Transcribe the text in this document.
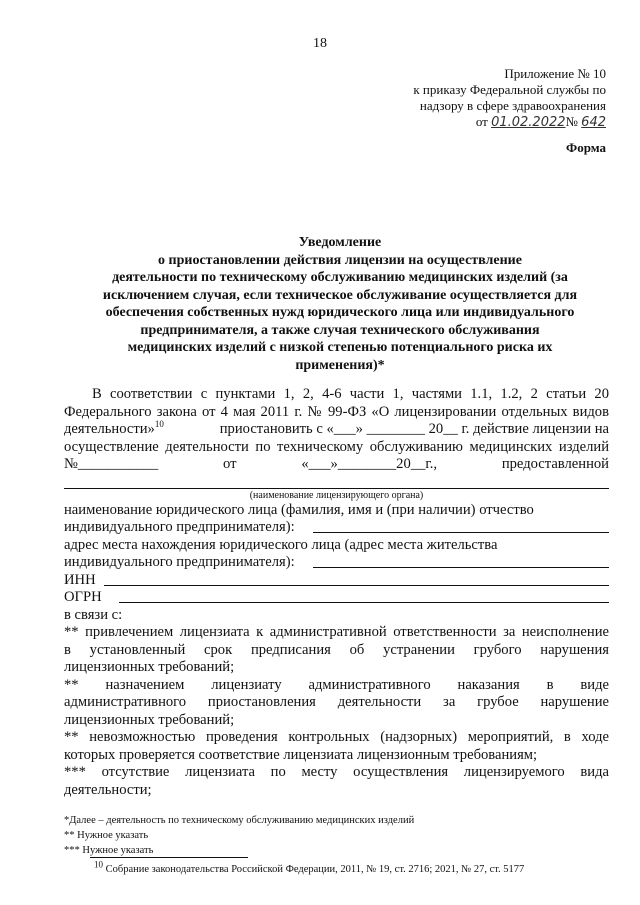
18
Приложение № 10
к приказу Федеральной службы по
надзору в сфере здравоохранения
от 01.02.2022№ 642
Форма
Уведомление
о приостановлении действия лицензии на осуществление
деятельности по техническому обслуживанию медицинских изделий (за
исключением случая, если техническое обслуживание осуществляется для
обеспечения собственных нужд юридического лица или индивидуального
предпринимателя, а также случая технического обслуживания
медицинских изделий с низкой степенью потенциального риска их
применения)*
В соответствии с пунктами 1, 2, 4-6 части 1, частями 1.1, 1.2, 2 статьи 20
Федерального закона от 4 мая 2011 г. № 99-ФЗ «О лицензировании отдельных видов
деятельности»$^{10}$	приостановить с «___» ________ 20__ г. действие лицензии на
осуществление деятельности по техническому обслуживанию медицинских изделий
№___________	от	«___»________20__г.,	предоставленной
(наименование лицензирующего органа)
наименование юридического лица (фамилия, имя и (при наличии) отчество
индивидуального предпринимателя):
адрес места нахождения юридического лица (адрес места жительства
индивидуального предпринимателя):
ИНН
ОГРН
в связи с:
** привлечением лицензиата к административной ответственности за неисполнение
в установленный срок предписания об устранении грубого нарушения
лицензионных требований;
** назначением лицензиату административного наказания в виде
административного приостановления деятельности за грубое нарушение
лицензионных требований;
** невозможностью проведения контрольных (надзорных) мероприятий, в ходе
которых проверяется соответствие лицензиата лицензионным требованиям;
*** отсутствие лицензиата по месту осуществления лицензируемого вида
деятельности;
*Далее – деятельность по техническому обслуживанию медицинских изделий
** Нужное указать
*** Нужное указать
10 Собрание законодательства Российской Федерации, 2011, № 19, ст. 2716; 2021, № 27, ст. 5177
